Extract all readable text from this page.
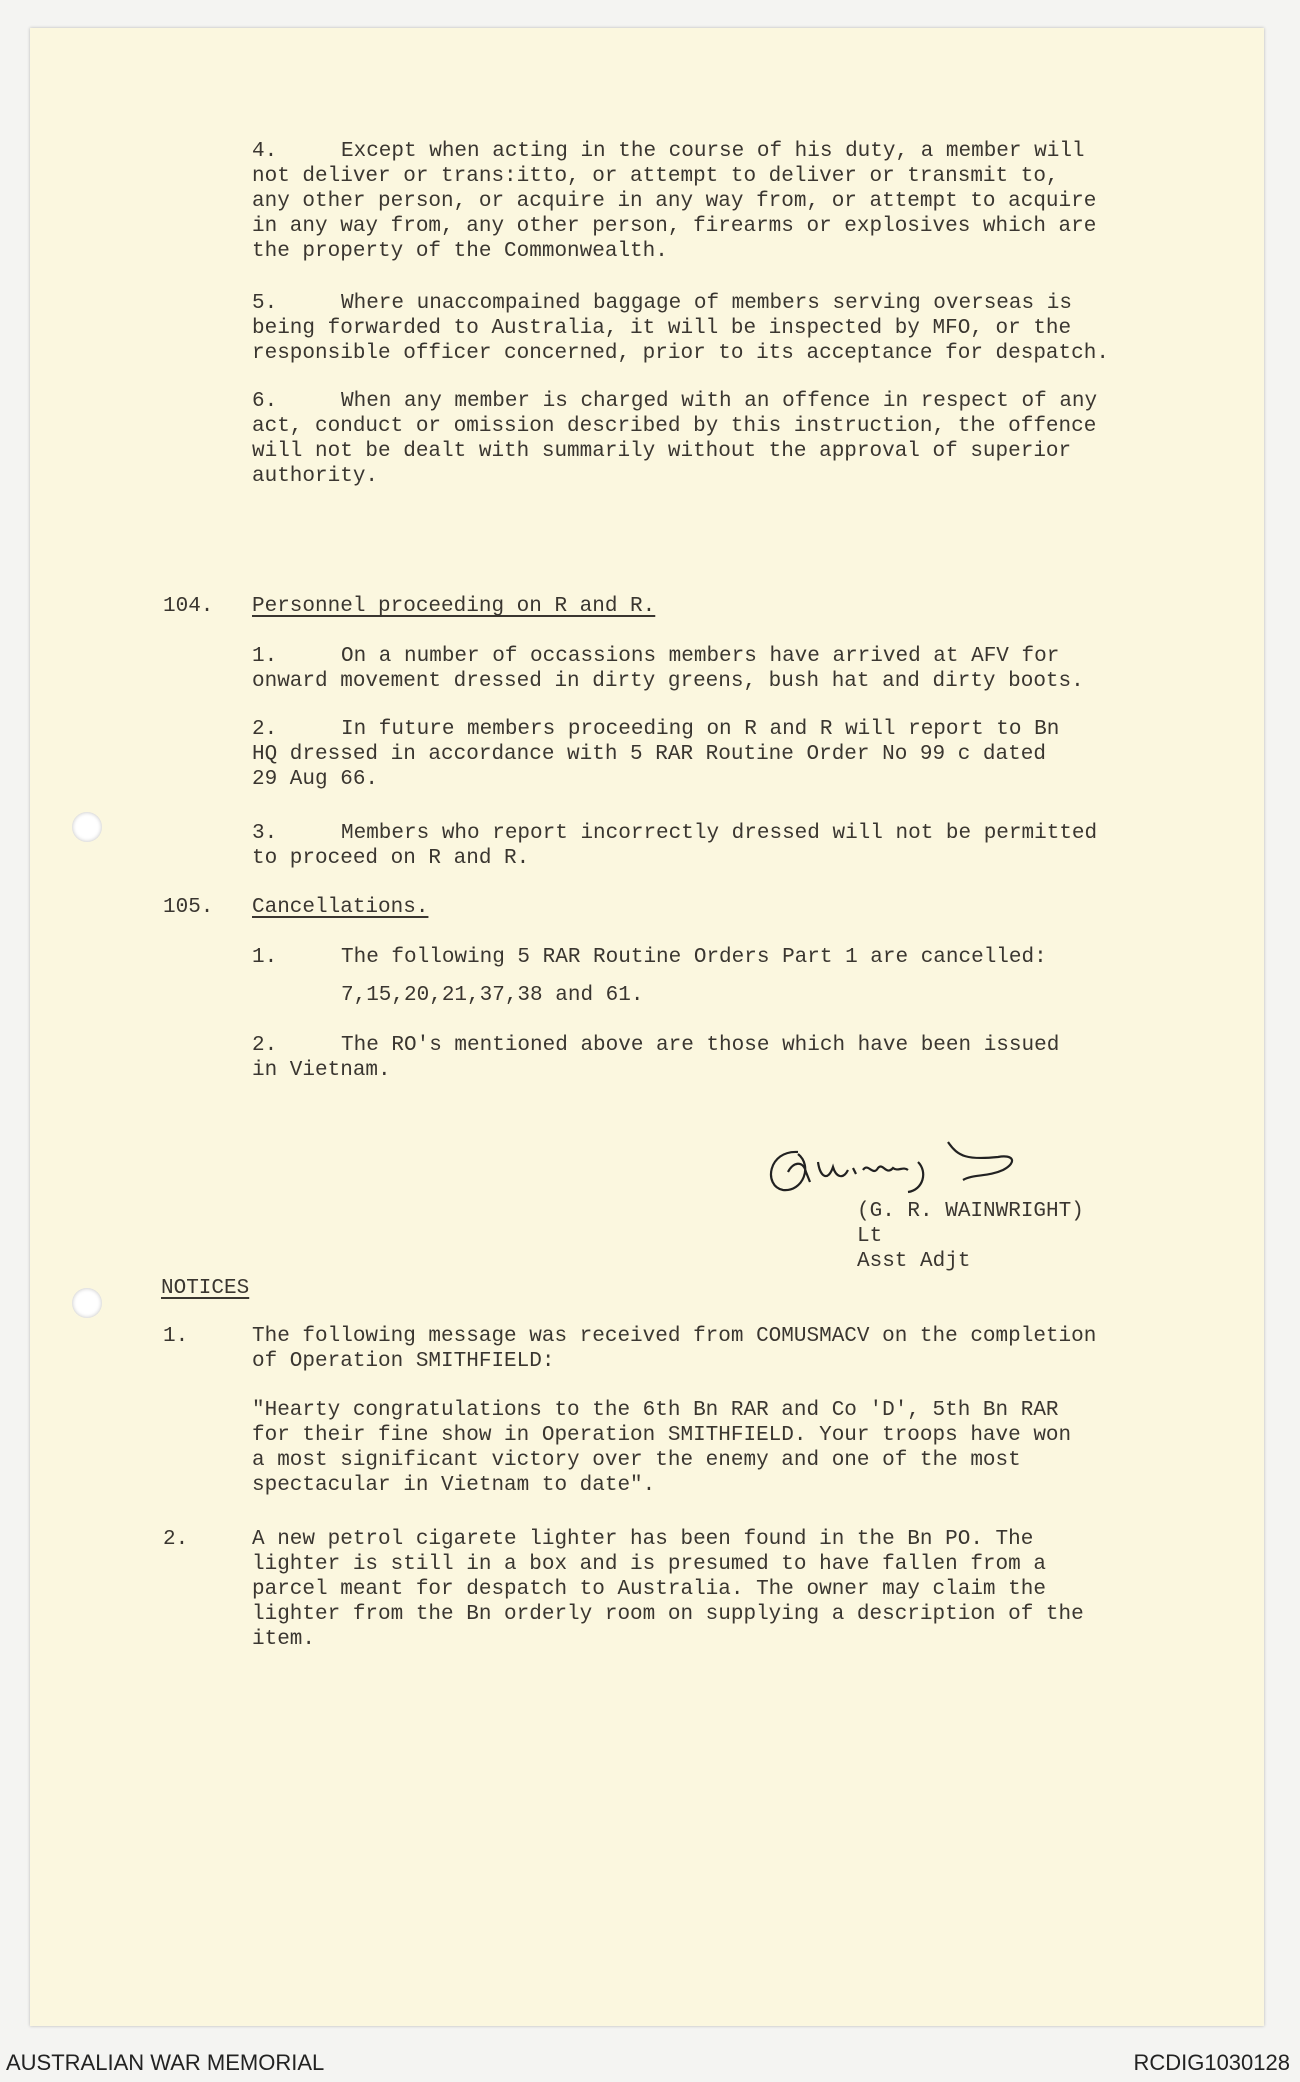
4.	Except when acting in the course of his duty, a member will
not deliver or trans:itto, or attempt to deliver or transmit to,
any other person, or acquire in any way from, or attempt to acquire
in any way from, any other person, firearms or explosives which are
the property of the Commonwealth.
5.	Where unaccompained baggage of members serving overseas is
being forwarded to Australia, it will be inspected by MFO, or the
responsible officer concerned, prior to its acceptance for despatch.
6.	When any member is charged with an offence in respect of any
act, conduct or omission described by this instruction, the offence
will not be dealt with summarily without the approval of superior
authority.
104. Personnel proceeding on R and R.
1.	On a number of occassions members have arrived at AFV for
onward movement dressed in dirty greens, bush hat and dirty boots.
2.	In future members proceeding on R and R will report to Bn
HQ dressed in accordance with 5 RAR Routine Order No 99 c dated
29 Aug 66.
3.	Members who report incorrectly dressed will not be permitted
to proceed on R and R.
105. Cancellations.
1.	The following 5 RAR Routine Orders Part 1 are cancelled:
7,15,20,21,37,38 and 61.
2.	The RO's mentioned above are those which have been issued
in Vietnam.
(G. R. WAINWRIGHT)
Lt
Asst Adjt
NOTICES
1.	The following message was received from COMUSMACV on the completion
of Operation SMITHFIELD:
"Hearty congratulations to the 6th Bn RAR and Co 'D', 5th Bn RAR
for their fine show in Operation SMITHFIELD. Your troops have won
a most significant victory over the enemy and one of the most
spectacular in Vietnam to date".
2.	A new petrol cigarete lighter has been found in the Bn PO. The
lighter is still in a box and is presumed to have fallen from a
parcel meant for despatch to Australia. The owner may claim the
lighter from the Bn orderly room on supplying a description of the
item.
AUSTRALIAN WAR MEMORIAL	RCDIG1030128
